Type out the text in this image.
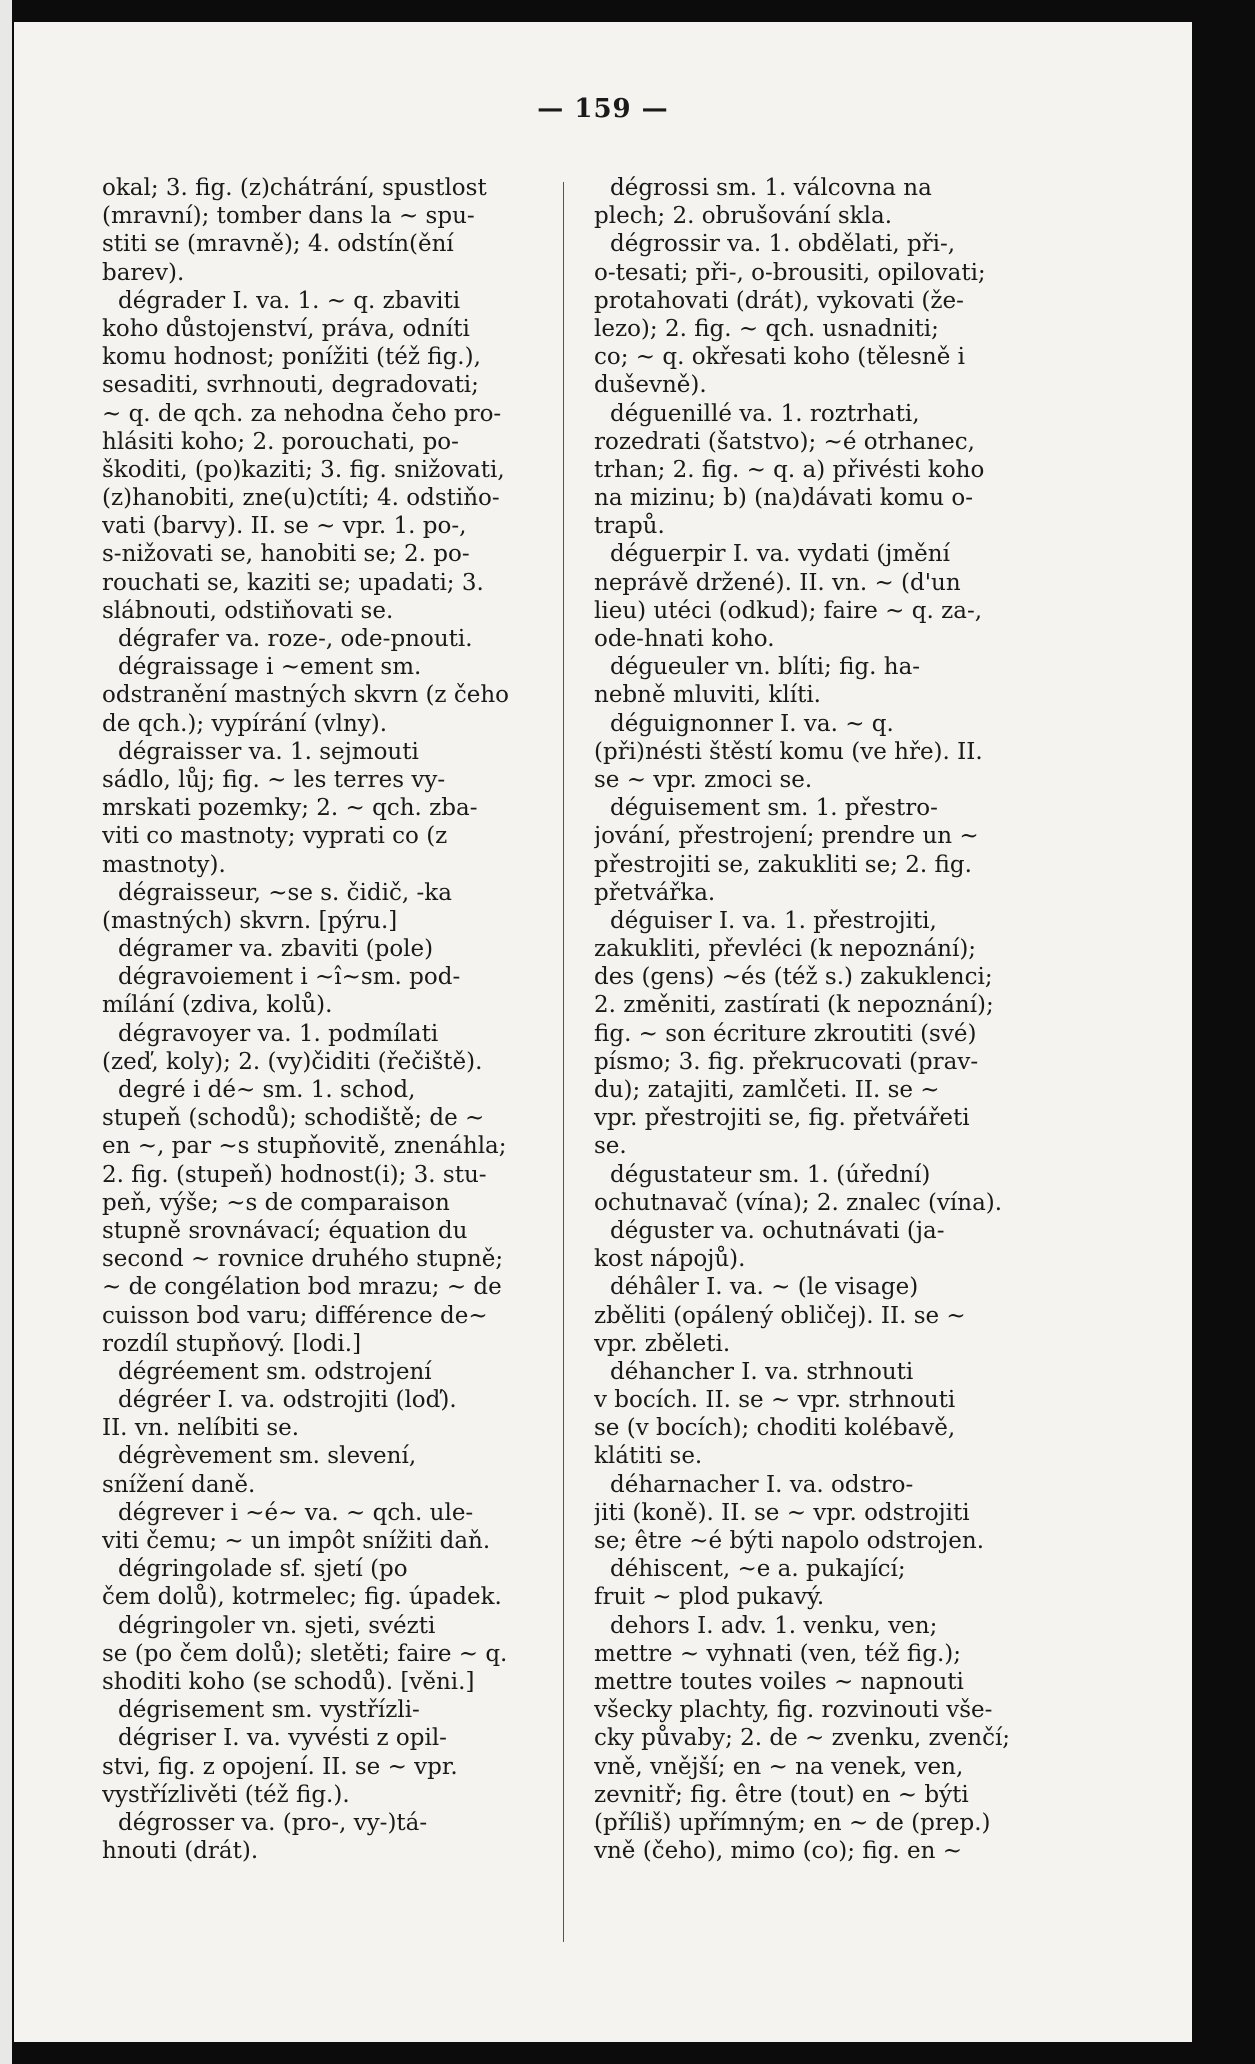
— 159 —
okal; 3. fig. (z)chátrání, spustlost
(mravní); tomber dans la ~ spu-
stiti se (mravně); 4. odstín(ění
barev).
dégrader I. va. 1. ~ q. zbaviti
koho důstojenství, práva, odníti
komu hodnost; ponížiti (též fig.),
sesaditi, svrhnouti, degradovati;
~ q. de qch. za nehodna čeho pro-
hlásiti koho; 2. porouchati, po-
škoditi, (po)kaziti; 3. fig. snižovati,
(z)hanobiti, zne(u)ctíti; 4. odstiňo-
vati (barvy). II. se ~ vpr. 1. po-,
s-nižovati se, hanobiti se; 2. po-
rouchati se, kaziti se; upadati; 3.
slábnouti, odstiňovati se.
dégrafer va. roze-, ode-pnouti.
dégraissage i ~ement sm.
odstranění mastných skvrn (z čeho
de qch.); vypírání (vlny).
dégraisser va. 1. sejmouti
sádlo, lůj; fig. ~ les terres vy-
mrskati pozemky; 2. ~ qch. zba-
viti co mastnoty; vyprati co (z
mastnoty).
dégraisseur, ~se s. čidič, -ka
(mastných) skvrn. [pýru.]
dégramer va. zbaviti (pole)
dégravoiement i ~î~sm. pod-
mílání (zdiva, kolů).
dégravoyer va. 1. podmílati
(zeď, koly); 2. (vy)čiditi (řečiště).
degré i dé~ sm. 1. schod,
stupeň (schodů); schodiště; de ~
en ~, par ~s stupňovitě, znenáhla;
2. fig. (stupeň) hodnost(i); 3. stu-
peň, výše; ~s de comparaison
stupně srovnávací; équation du
second ~ rovnice druhého stupně;
~ de congélation bod mrazu; ~ de
cuisson bod varu; différence de~
rozdíl stupňový. [lodi.]
dégréement sm. odstrojení
dégréer I. va. odstrojiti (loď).
II. vn. nelíbiti se.
dégrèvement sm. slevení,
snížení daně.
dégrever i ~é~ va. ~ qch. ule-
viti čemu; ~ un impôt snížiti daň.
dégringolade sf. sjetí (po
čem dolů), kotrmelec; fig. úpadek.
dégringoler vn. sjeti, svézti
se (po čem dolů); sletěti; faire ~ q.
shoditi koho (se schodů). [věni.]
dégrisement sm. vystřízli-
dégriser I. va. vyvésti z opil-
stvi, fig. z opojení. II. se ~ vpr.
vystřízlivěti (též fig.).
dégrosser va. (pro-, vy-)tá-
hnouti (drát).
dégrossi sm. 1. válcovna na
plech; 2. obrušování skla.
dégrossir va. 1. obdělati, při-,
o-tesati; při-, o-brousiti, opilovati;
protahovati (drát), vykovati (že-
lezo); 2. fig. ~ qch. usnadniti;
co; ~ q. okřesati koho (tělesně i
duševně).
déguenillé va. 1. roztrhati,
rozedrati (šatstvo); ~é otrhanec,
trhan; 2. fig. ~ q. a) přivésti koho
na mizinu; b) (na)dávati komu o-
trapů.
déguerpir I. va. vydati (jmění
neprávě držené). II. vn. ~ (d'un
lieu) utéci (odkud); faire ~ q. za-,
ode-hnati koho.
dégueuler vn. blíti; fig. ha-
nebně mluviti, klíti.
déguignonner I. va. ~ q.
(při)nésti štěstí komu (ve hře). II.
se ~ vpr. zmoci se.
déguisement sm. 1. přestro-
jování, přestrojení; prendre un ~
přestrojiti se, zakukliti se; 2. fig.
přetvářka.
déguiser I. va. 1. přestrojiti,
zakukliti, převléci (k nepoznání);
des (gens) ~és (též s.) zakuklenci;
2. změniti, zastírati (k nepoznání);
fig. ~ son écriture zkroutiti (své)
písmo; 3. fig. překrucovati (prav-
du); zatajiti, zamlčeti. II. se ~
vpr. přestrojiti se, fig. přetvářeti
se.
dégustateur sm. 1. (úřední)
ochutnavač (vína); 2. znalec (vína).
déguster va. ochutnávati (ja-
kost nápojů).
déhâler I. va. ~ (le visage)
zběliti (opálený obličej). II. se ~
vpr. zběleti.
déhancher I. va. strhnouti
v bocích. II. se ~ vpr. strhnouti
se (v bocích); choditi kolébavě,
klátiti se.
déharnacher I. va. odstro-
jiti (koně). II. se ~ vpr. odstrojiti
se; être ~é býti napolo odstrojen.
déhiscent, ~e a. pukající;
fruit ~ plod pukavý.
dehors I. adv. 1. venku, ven;
mettre ~ vyhnati (ven, též fig.);
mettre toutes voiles ~ napnouti
všecky plachty, fig. rozvinouti vše-
cky půvaby; 2. de ~ zvenku, zvenčí;
vně, vnější; en ~ na venek, ven,
zevnitř; fig. être (tout) en ~ býti
(příliš) upřímným; en ~ de (prep.)
vně (čeho), mimo (co); fig. en ~
